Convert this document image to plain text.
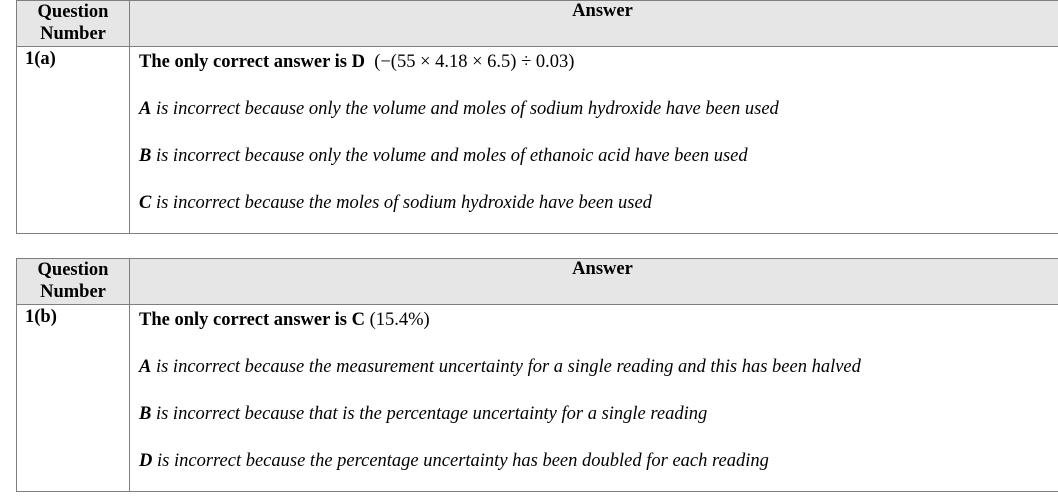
Question
Number	Answer
1(a)	The only correct answer is D  (−(55 × 4.18 × 6.5) ÷ 0.03)

A is incorrect because only the volume and moles of sodium hydroxide have been used

B is incorrect because only the volume and moles of ethanoic acid have been used

C is incorrect because the moles of sodium hydroxide have been used

Question
Number	Answer
1(b)	The only correct answer is C (15.4%)

A is incorrect because the measurement uncertainty for a single reading and this has been halved

B is incorrect because that is the percentage uncertainty for a single reading

D is incorrect because the percentage uncertainty has been doubled for each reading
